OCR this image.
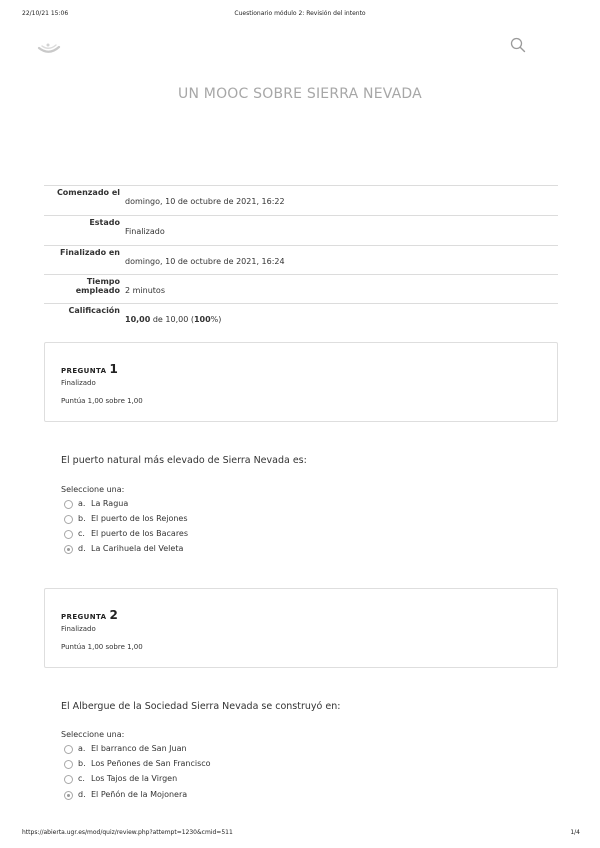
22/10/21 15:06	Cuestionario módulo 2: Revisión del intento
UN MOOC SOBRE SIERRA NEVADA
Comenzado el
domingo, 10 de octubre de 2021, 16:22
Estado
Finalizado
Finalizado en
domingo, 10 de octubre de 2021, 16:24
Tiempo empleado 2 minutos
Calificación
10,00 de 10,00 (100%)
PREGUNTA 1
Finalizado
Puntúa 1,00 sobre 1,00
El puerto natural más elevado de Sierra Nevada es:
Seleccione una:
a. La Ragua
b. El puerto de los Rejones
c. El puerto de los Bacares
d. La Carihuela del Veleta
PREGUNTA 2
Finalizado
Puntúa 1,00 sobre 1,00
El Albergue de la Sociedad Sierra Nevada se construyó en:
Seleccione una:
a. El barranco de San Juan
b. Los Peñones de San Francisco
c. Los Tajos de la Virgen
d. El Peñón de la Mojonera
https://abierta.ugr.es/mod/quiz/review.php?attempt=1230&cmid=511	1/4
